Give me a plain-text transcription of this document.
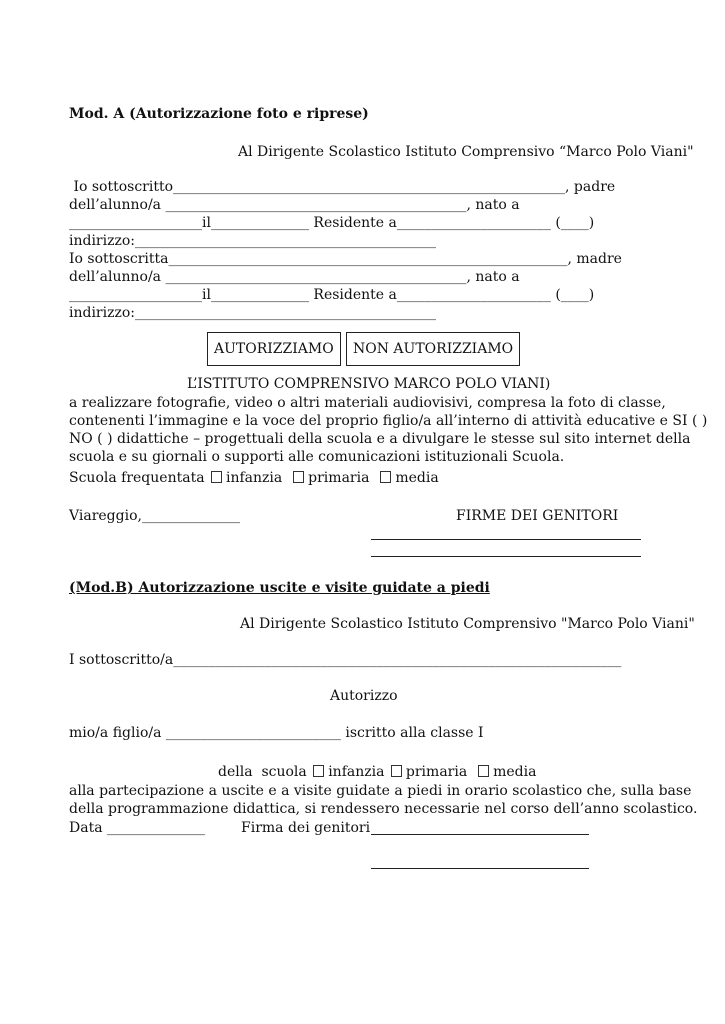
Mod. A (Autorizzazione foto e riprese)
Al Dirigente Scolastico Istituto Comprensivo “Marco Polo Viani"
Io sottoscritto________________________________________________________, padre
dell’alunno/a ___________________________________________, nato a
___________________il______________ Residente a______________________ (____)
indirizzo:___________________________________________
Io sottoscritta_________________________________________________________, madre
dell’alunno/a ___________________________________________, nato a
___________________il______________ Residente a______________________ (____)
indirizzo:___________________________________________
AUTORIZZIAMO	NON AUTORIZZIAMO
L’ISTITUTO COMPRENSIVO MARCO POLO VIANI)
a realizzare fotografie, video o altri materiali audiovisivi, compresa la foto di classe,
contenenti l’immagine e la voce del proprio figlio/a all’interno di attività educative e SI ( )
NO ( ) didattiche – progettuali della scuola e a divulgare le stesse sul sito internet della
scuola e su giornali o supporti alle comunicazioni istituzionali Scuola.
Scuola frequentata infanzia primaria media
Viareggio,______________	FIRME DEI GENITORI
(Mod.B) Autorizzazione uscite e visite guidate a piedi
Al Dirigente Scolastico Istituto Comprensivo "Marco Polo Viani"
I sottoscritto/a________________________________________________________________
Autorizzo
mio/a figlio/a _________________________ iscritto alla classe I
della  scuola infanzia primaria media
alla partecipazione a uscite e a visite guidate a piedi in orario scolastico che, sulla base
della programmazione didattica, si rendessero necessarie nel corso dell’anno scolastico.
Data ______________	Firma dei genitori
